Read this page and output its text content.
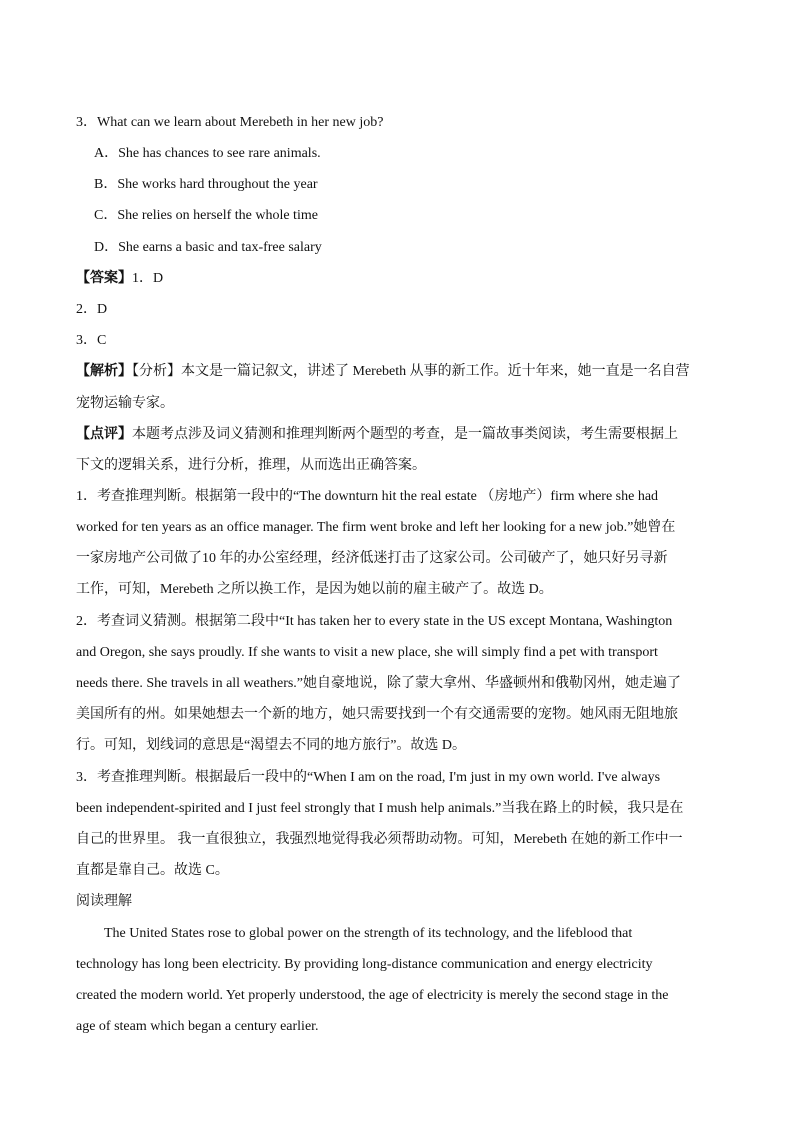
3．What can we learn about Merebeth in her new job?
A．She has chances to see rare animals.
B．She works hard throughout the year
C．She relies on herself the whole time
D．She earns a basic and tax-free salary
【答案】1．D
2．D
3．C
【解析】【分析】本文是一篇记叙文，讲述了 Merebeth 从事的新工作。近十年来，她一直是一名自营
宠物运输专家。
【点评】本题考点涉及词义猜测和推理判断两个题型的考查，是一篇故事类阅读，考生需要根据上
下文的逻辑关系，进行分析，推理，从而选出正确答案。
1．考查推理判断。根据第一段中的“The downturn hit the real estate （房地产）firm where she had
worked for ten years as an office manager. The firm went broke and left her looking for a new job.”她曾在
一家房地产公司做了10 年的办公室经理，经济低迷打击了这家公司。公司破产了，她只好另寻新
工作，可知，Merebeth 之所以换工作，是因为她以前的雇主破产了。故选 D。
2．考查词义猜测。根据第二段中“It has taken her to every state in the US except Montana, Washington
and Oregon, she says proudly. If she wants to visit a new place, she will simply find a pet with transport
needs there. She travels in all weathers.”她自豪地说，除了蒙大拿州、华盛顿州和俄勒冈州，她走遍了
美国所有的州。如果她想去一个新的地方，她只需要找到一个有交通需要的宠物。她风雨无阻地旅
行。可知，划线词的意思是“渴望去不同的地方旅行”。故选 D。
3．考查推理判断。根据最后一段中的“When I am on the road, I'm just in my own world. I've always
been independent-spirited and I just feel strongly that I mush help animals.”当我在路上的时候，我只是在
自己的世界里。 我一直很独立，我强烈地觉得我必须帮助动物。可知，Merebeth 在她的新工作中一
直都是靠自己。故选 C。
阅读理解
The United States rose to global power on the strength of its technology, and the lifeblood that
technology has long been electricity. By providing long-distance communication and energy electricity
created the modern world. Yet properly understood, the age of electricity is merely the second stage in the
age of steam which began a century earlier.
